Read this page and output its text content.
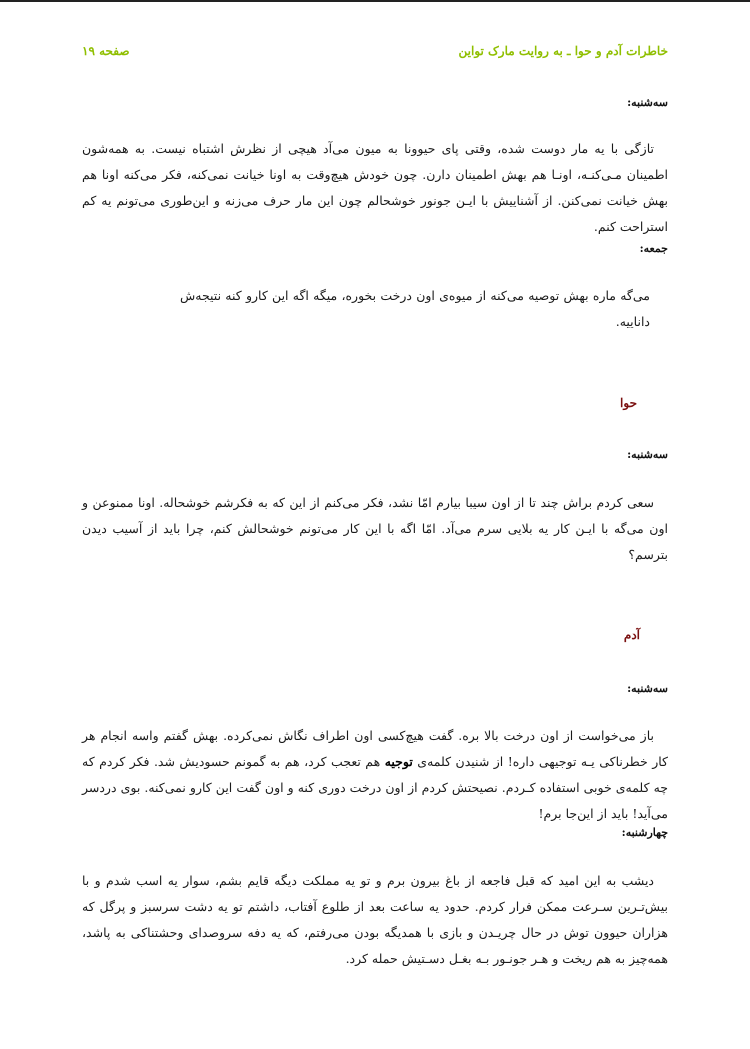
خاطرات آدم و حوا ـ به روایت مارک تواین
صفحه ۱۹
سه‌شنبه:
تازگی با یه مار دوست شده، وقتی پای حیوونا به میون می‌آد هیچی از نظرش اشتباه نیست. به همه‌شون اطمینان مـی‌کنـه، اونـا هم بهش اطمینان دارن. چون خودش هیچ‌وقت به اونا خیانت نمی‌کنه، فکر می‌کنه اونا هم بهش خیانت نمی‌کنن. از آشناییش با ایـن جونور خوشحالم چون این مار حرف می‌زنه و این‌طوری می‌تونم یه کم استراحت کنم.
جمعه:
می‌گه ماره بهش توصیه می‌کنه از میوه‌ی اون درخت بخوره، میگه اگه این کارو کنه نتیجه‌ش داناییه.
حوا
سه‌شنبه:
سعی کردم براش چند تا از اون سیبا بیارم امّا نشد، فکر می‌کنم از این که به فکرشم خوشحاله. اونا ممنوعن و اون می‌گه با ایـن کار یه بلایی سرم می‌آد. امّا اگه با این کار می‌تونم خوشحالش کنم، چرا باید از آسیب دیدن بترسم؟
آدم
سه‌شنبه:
باز می‌خواست از اون درخت بالا بره. گفت هیچ‌کسی اون اطراف نگاش نمی‌کرده. بهش گفتم واسه انجام هر کار خطرناکی یـه توجیهی داره! از شنیدن کلمه‌ی توجیه هم تعجب کرد، هم به گمونم حسودیش شد. فکر کردم که چه کلمه‌ی خوبی استفاده کـردم. نصیحتش کردم از اون درخت دوری کنه و اون گفت این کارو نمی‌کنه. بوی دردسر می‌آید! باید از این‌جا برم!
چهارشنبه:
دیشب به این امید که قبل فاجعه از باغ بیرون برم و تو یه مملکت دیگه قایم بشم، سوار یه اسب شدم و با بیش‌تـرین سـرعت ممکن فرار کردم. حدود یه ساعت بعد از طلوع آفتاب، داشتم تو یه دشت سرسبز و پرگل که هزاران حیوون توش در حال چریـدن و بازی با همدیگه بودن می‌رفتم، که یه دفه سروصدای وحشتناکی به پاشد، همه‌چیز به هم ریخت و هـر جونـور بـه بغـل دسـتیش حمله کرد.
